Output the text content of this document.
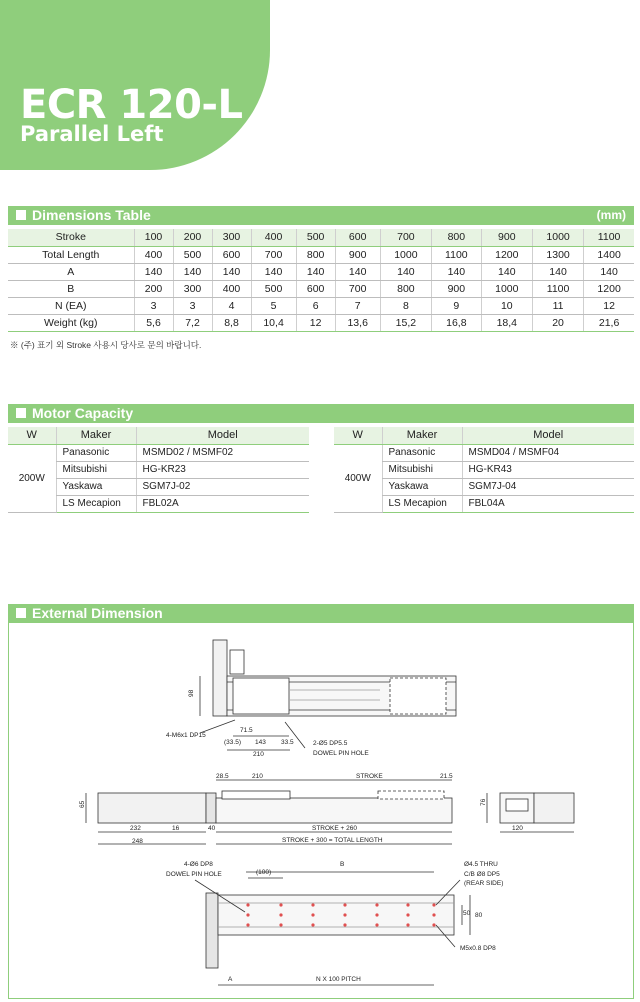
ECR 120-L
Parallel Left
Dimensions Table	(mm)
Stroke	100	200	300	400	500	600	700	800	900	1000	1100
Total Length	400	500	600	700	800	900	1000	1100	1200	1300	1400
A	140	140	140	140	140	140	140	140	140	140	140
B	200	300	400	500	600	700	800	900	1000	1100	1200
N (EA)	3	3	4	5	6	7	8	9	10	11	12
Weight (kg)	5,6	7,2	8,8	10,4	12	13,6	15,2	16,8	18,4	20	21,6
※ (주) 표기 외 Stroke 사용시 당사로 문의 바랍니다.
Motor Capacity
W	Maker	Model
200W	Panasonic	MSMD02 / MSMF02
	Mitsubishi	HG-KR23
	Yaskawa	SGM7J-02
	LS Mecapion	FBL02A
W	Maker	Model
400W	Panasonic	MSMD04 / MSMF04
	Mitsubishi	HG-KR43
	Yaskawa	SGM7J-04
	LS Mecapion	FBL04A
External Dimension
98
4-M6x1 DP15
71.5
(33.5) 143 33.5
210
2-Ø5 DP5.5
DOWEL PIN HOLE
28.5	210	STROKE	21.5
65	76
232	16	40	STROKE + 260
248	STROKE + 300 = TOTAL LENGTH
120
4-Ø6 DP8
DOWEL PIN HOLE	(100)
B	Ø4.5 THRU
C/B Ø8 DP5
(REAR SIDE)
50 80
M5x0.8 DP8
A	N X 100 PITCH
